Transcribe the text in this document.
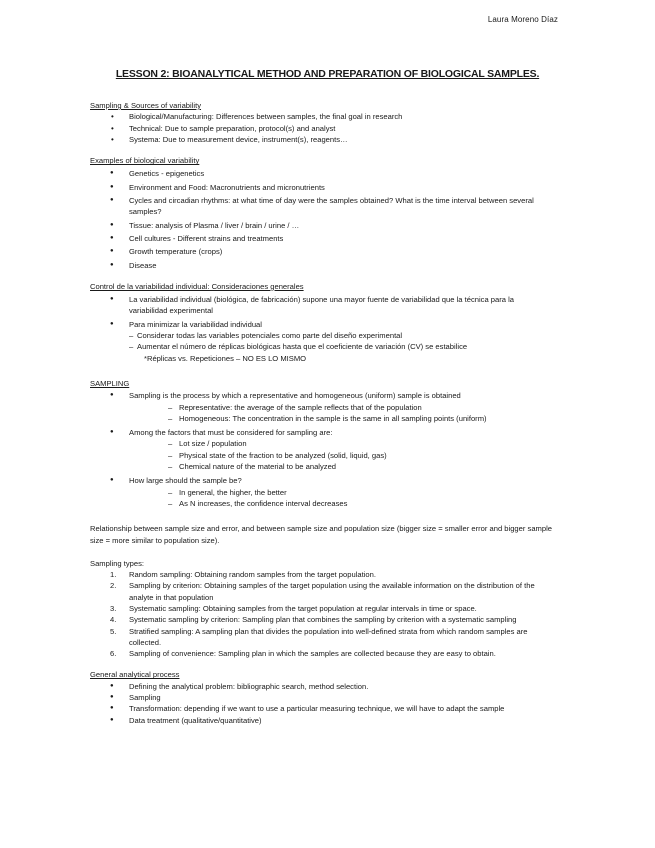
Laura Moreno Díaz
LESSON 2: BIOANALYTICAL METHOD AND PREPARATION OF BIOLOGICAL SAMPLES.
Sampling & Sources of variability
• Biological/Manufacturing: Differences between samples, the final goal in research
• Technical: Due to sample preparation, protocol(s) and analyst
• Systema: Due to measurement device, instrument(s), reagents…
Examples of biological variability
● Genetics - epigenetics
● Environment and Food: Macronutrients and micronutrients
● Cycles and circadian rhythms: at what time of day were the samples obtained? What is the time interval between several samples?
● Tissue: analysis of Plasma / liver / brain / urine / …
● Cell cultures - Different strains and treatments
● Growth temperature (crops)
● Disease
Control de la variabilidad individual: Consideraciones generales
● La variabilidad individual (biológica, de fabricación) supone una mayor fuente de variabilidad que la técnica para la variabilidad experimental
● Para minimizar la variabilidad individual
– Considerar todas las variables potenciales como parte del diseño experimental
– Aumentar el número de réplicas biológicas hasta que el coeficiente de variación (CV) se estabilice
*Réplicas vs. Repeticiones – NO ES LO MISMO
SAMPLING
● Sampling is the process by which a representative and homogeneous (uniform) sample is obtained
– Representative: the average of the sample reflects that of the population
– Homogeneous: The concentration in the sample is the same in all sampling points (uniform)
● Among the factors that must be considered for sampling are:
– Lot size / population
– Physical state of the fraction to be analyzed (solid, liquid, gas)
– Chemical nature of the material to be analyzed
● How large should the sample be?
– In general, the higher, the better
– As N increases, the confidence interval decreases
Relationship between sample size and error, and between sample size and population size (bigger size = smaller error and bigger sample size = more similar to population size).
Sampling types:
1. Random sampling: Obtaining random samples from the target population.
2. Sampling by criterion: Obtaining samples of the target population using the available information on the distribution of the analyte in that population
3. Systematic sampling: Obtaining samples from the target population at regular intervals in time or space.
4. Systematic sampling by criterion: Sampling plan that combines the sampling by criterion with a systematic sampling
5. Stratified sampling: A sampling plan that divides the population into well-defined strata from which random samples are collected.
6. Sampling of convenience: Sampling plan in which the samples are collected because they are easy to obtain.
General analytical process
● Defining the analytical problem: bibliographic search, method selection.
● Sampling
● Transformation: depending if we want to use a particular measuring technique, we will have to adapt the sample
● Data treatment (qualitative/quantitative)
